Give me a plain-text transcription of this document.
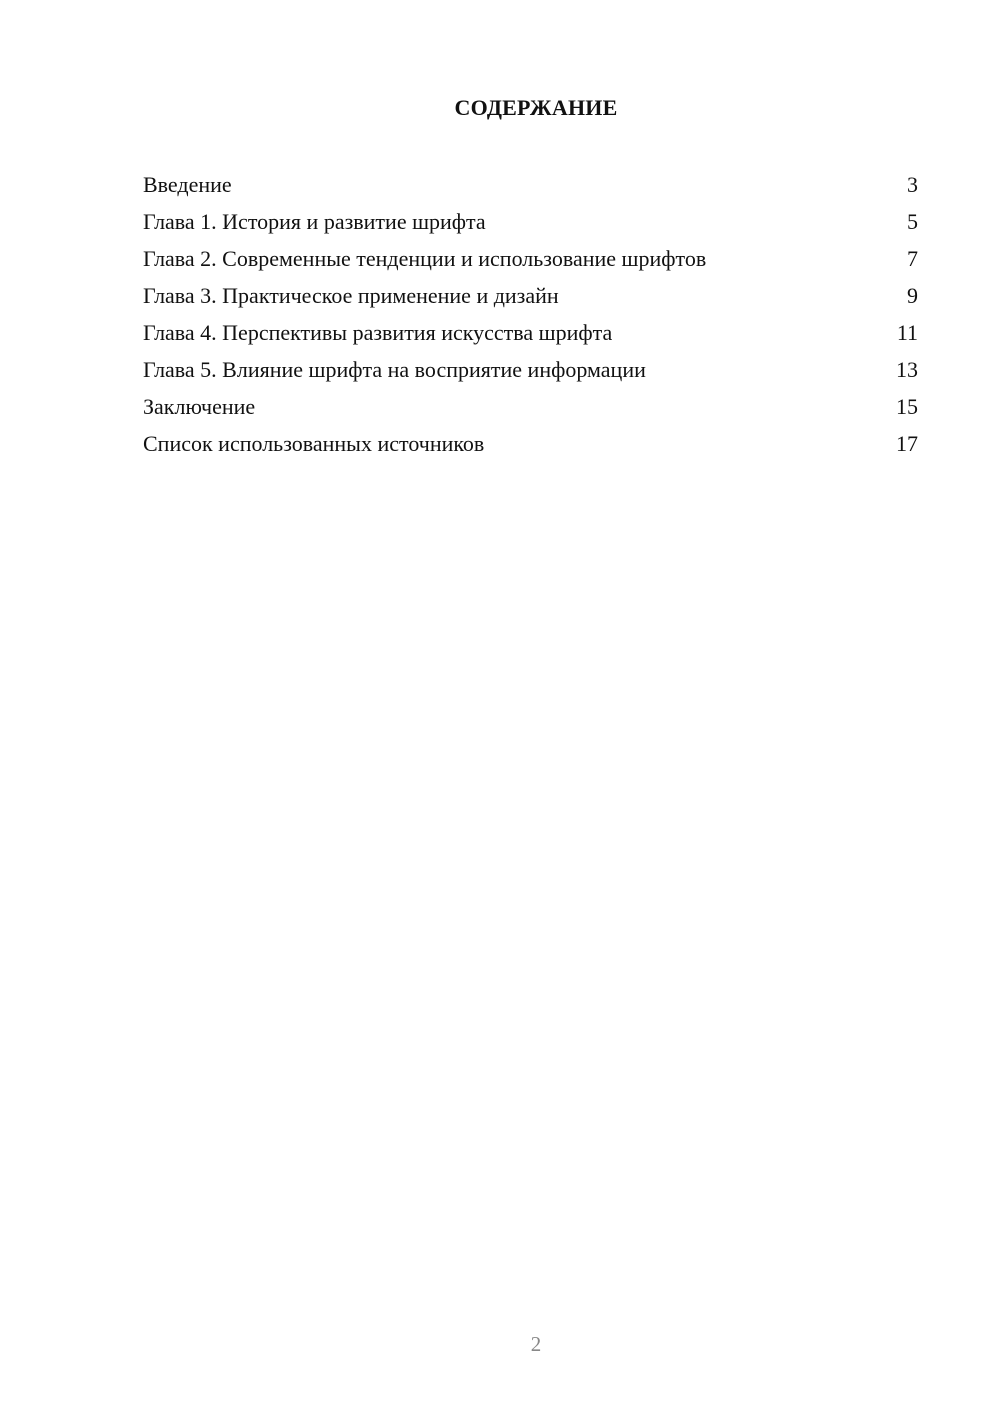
СОДЕРЖАНИЕ
Введение	3
Глава 1. История и развитие шрифта	5
Глава 2. Современные тенденции и использование шрифтов	7
Глава 3. Практическое применение и дизайн	9
Глава 4. Перспективы развития искусства шрифта	11
Глава 5. Влияние шрифта на восприятие информации	13
Заключение	15
Список использованных источников	17
2
